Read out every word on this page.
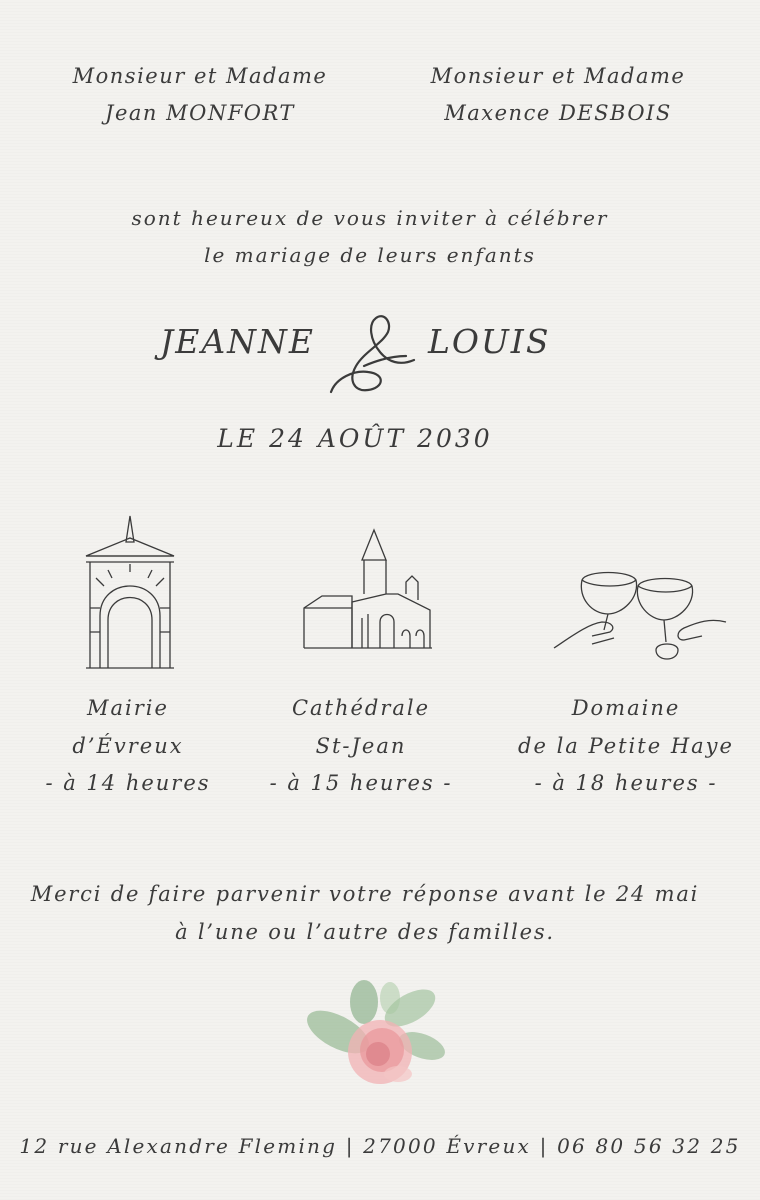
Monsieur et Madame
Jean MONFORT
Monsieur et Madame
Maxence DESBOIS
sont heureux de vous inviter à célébrer
le mariage de leurs enfants
JEANNE	LOUIS
LE 24 AOÛT 2030
Mairie
d’Évreux
- à 14 heures
Cathédrale
St-Jean
- à 15 heures -
Domaine
de la Petite Haye
- à 18 heures -
Merci de faire parvenir votre réponse avant le 24 mai
à l’une ou l’autre des familles.
12 rue Alexandre Fleming | 27000 Évreux | 06 80 56 32 25
